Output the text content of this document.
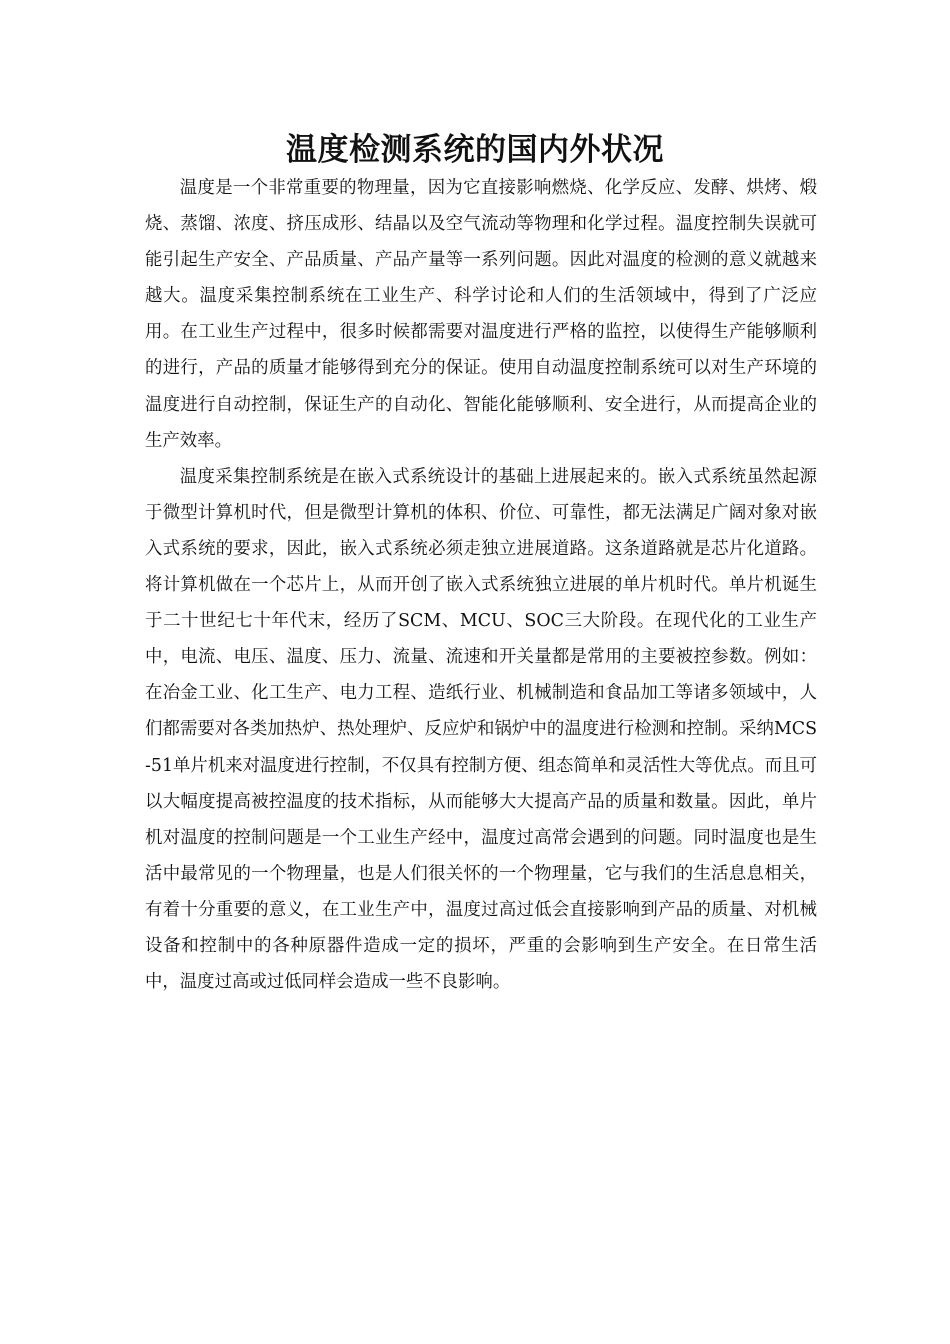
温度检测系统的国内外状况

温度是一个非常重要的物理量，因为它直接影响燃烧、化学反应、发酵、烘烤、煅烧、蒸馏、浓度、挤压成形、结晶以及空气流动等物理和化学过程。温度控制失误就可能引起生产安全、产品质量、产品产量等一系列问题。因此对温度的检测的意义就越来越大。温度采集控制系统在工业生产、科学讨论和人们的生活领域中，得到了广泛应用。在工业生产过程中，很多时候都需要对温度进行严格的监控，以使得生产能够顺利的进行，产品的质量才能够得到充分的保证。使用自动温度控制系统可以对生产环境的温度进行自动控制，保证生产的自动化、智能化能够顺利、安全进行，从而提高企业的生产效率。

温度采集控制系统是在嵌入式系统设计的基础上进展起来的。嵌入式系统虽然起源于微型计算机时代，但是微型计算机的体积、价位、可靠性，都无法满足广阔对象对嵌入式系统的要求，因此，嵌入式系统必须走独立进展道路。这条道路就是芯片化道路。将计算机做在一个芯片上，从而开创了嵌入式系统独立进展的单片机时代。单片机诞生于二十世纪七十年代末，经历了SCM、MCU、SOC三大阶段。在现代化的工业生产中，电流、电压、温度、压力、流量、流速和开关量都是常用的主要被控参数。例如：在冶金工业、化工生产、电力工程、造纸行业、机械制造和食品加工等诸多领域中，人们都需要对各类加热炉、热处理炉、反应炉和锅炉中的温度进行检测和控制。采纳MCS-51单片机来对温度进行控制，不仅具有控制方便、组态简单和灵活性大等优点。而且可以大幅度提高被控温度的技术指标，从而能够大大提高产品的质量和数量。因此，单片机对温度的控制问题是一个工业生产经中，温度过高常会遇到的问题。同时温度也是生活中最常见的一个物理量，也是人们很关怀的一个物理量，它与我们的生活息息相关，有着十分重要的意义，在工业生产中，温度过高过低会直接影响到产品的质量、对机械设备和控制中的各种原器件造成一定的损坏，严重的会影响到生产安全。在日常生活中，温度过高或过低同样会造成一些不良影响。
